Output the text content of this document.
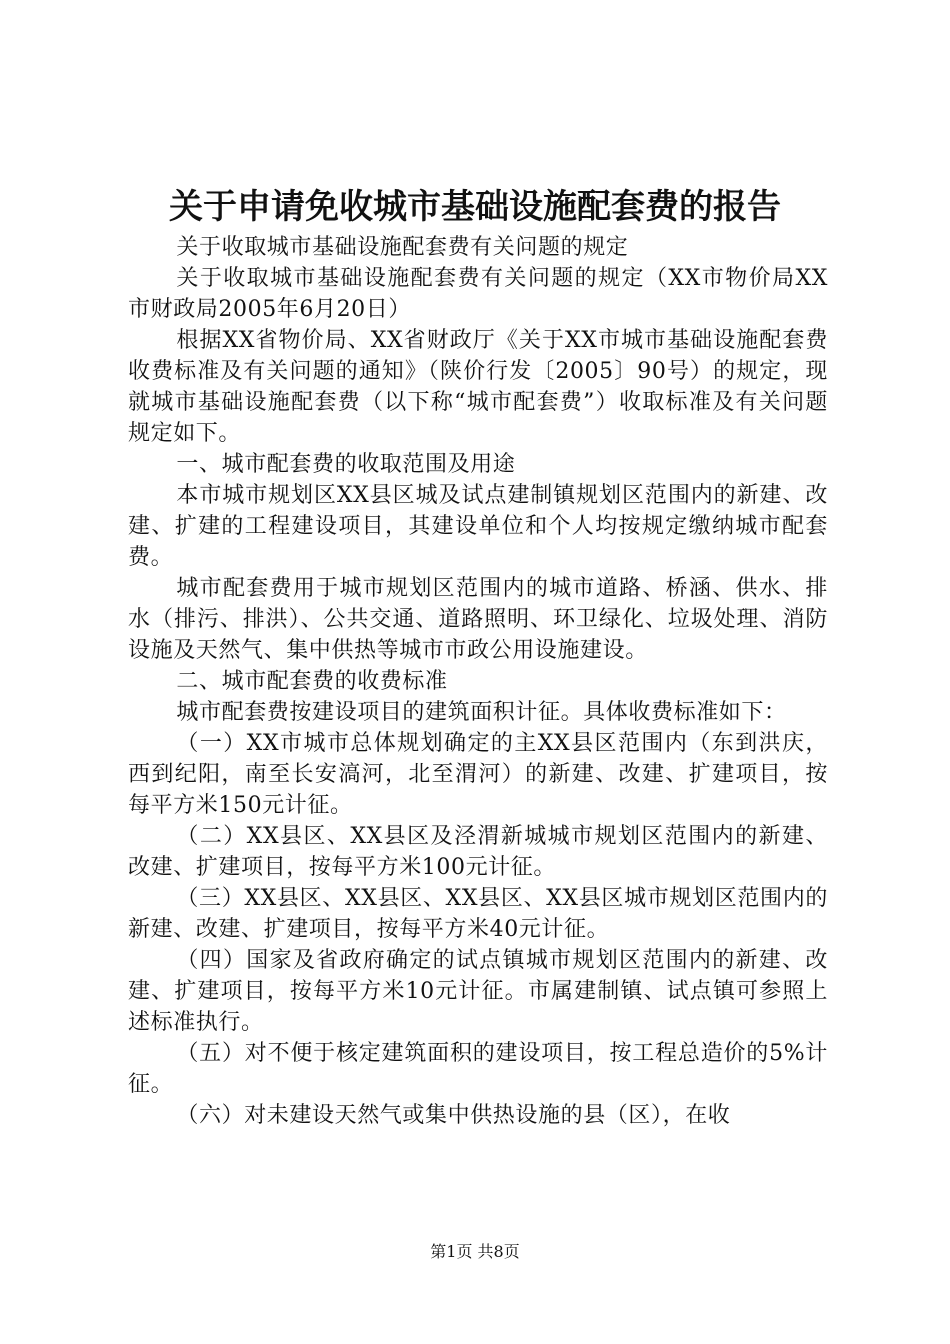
关于申请免收城市基础设施配套费的报告

关于收取城市基础设施配套费有关问题的规定

关于收取城市基础设施配套费有关问题的规定（XX市物价局XX市财政局2005年6月20日）

根据XX省物价局、XX省财政厅《关于XX市城市基础设施配套费收费标准及有关问题的通知》（陕价行发〔2005〕90号）的规定，现就城市基础设施配套费（以下称“城市配套费”）收取标准及有关问题规定如下。

一、城市配套费的收取范围及用途

本市城市规划区XX县区城及试点建制镇规划区范围内的新建、改建、扩建的工程建设项目，其建设单位和个人均按规定缴纳城市配套费。

城市配套费用于城市规划区范围内的城市道路、桥涵、供水、排水（排污、排洪）、公共交通、道路照明、环卫绿化、垃圾处理、消防设施及天然气、集中供热等城市市政公用设施建设。

二、城市配套费的收费标准

城市配套费按建设项目的建筑面积计征。具体收费标准如下：

（一）XX市城市总体规划确定的主XX县区范围内（东到洪庆，西到纪阳，南至长安滈河，北至渭河）的新建、改建、扩建项目，按每平方米150元计征。

（二）XX县区、XX县区及泾渭新城城市规划区范围内的新建、改建、扩建项目，按每平方米100元计征。

（三）XX县区、XX县区、XX县区、XX县区城市规划区范围内的新建、改建、扩建项目，按每平方米40元计征。

（四）国家及省政府确定的试点镇城市规划区范围内的新建、改建、扩建项目，按每平方米10元计征。市属建制镇、试点镇可参照上述标准执行。

（五）对不便于核定建筑面积的建设项目，按工程总造价的5%计征。

（六）对未建设天然气或集中供热设施的县（区），在收

第1页 共8页
